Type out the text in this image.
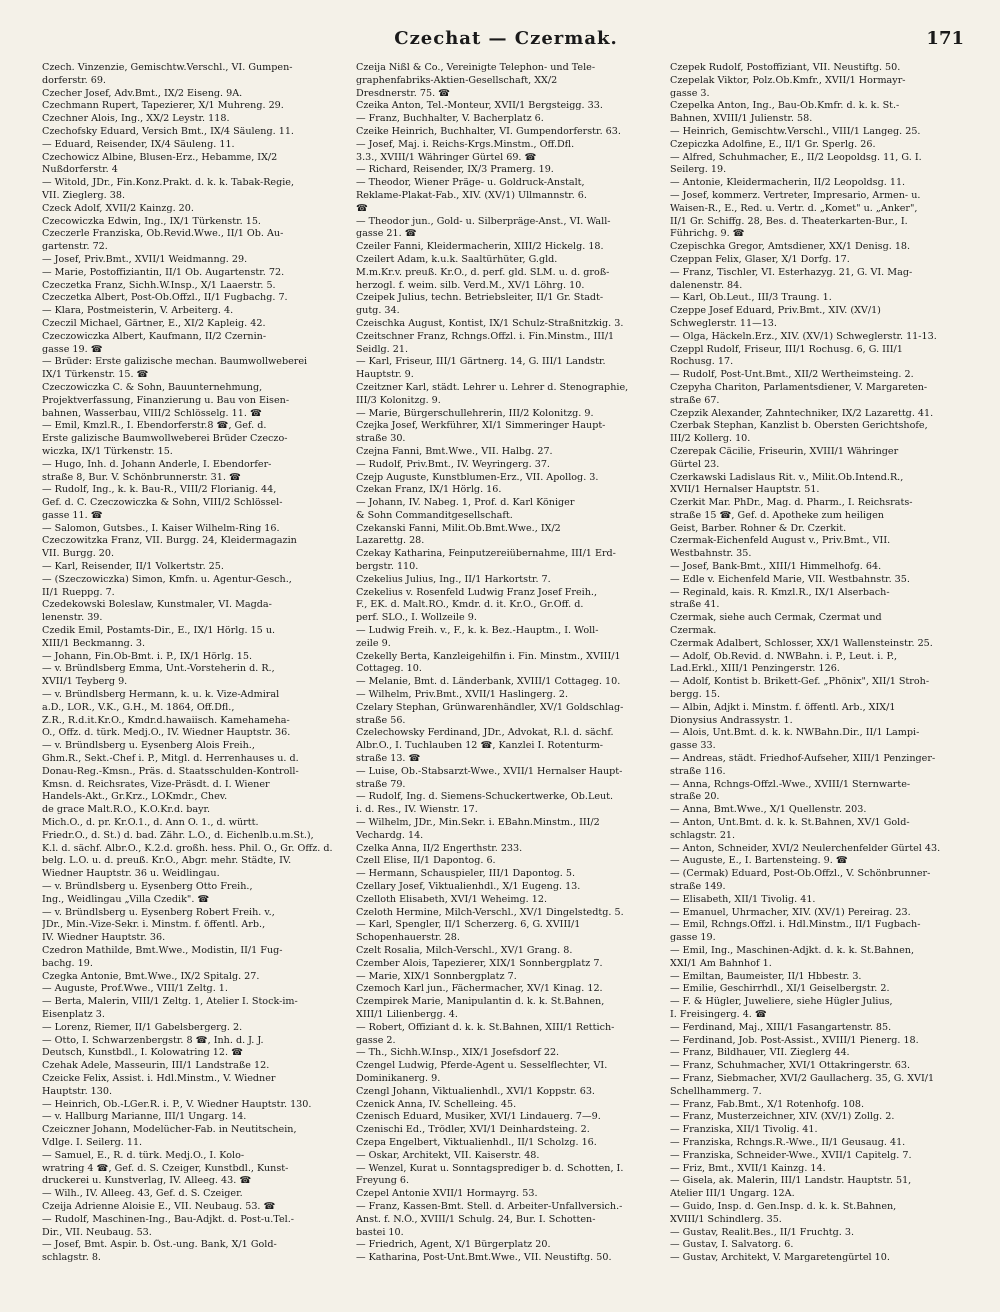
Czechat — Czermak.	171
Czech. Vinzenzie, Gemischtw.Verschl., VI. Gumpen-
dorferstr. 69.
Czecher Josef, Adv.Bmt., IX/2 Eiseng. 9A.
Czechmann Rupert, Tapezierer, X/1 Muhreng. 29.
Czechner Alois, Ing., XX/2 Leystr. 118.
Czechofsky Eduard, Versich Bmt., IX/4 Säuleng. 11.
— Eduard, Reisender, IX/4 Säuleng. 11.
Czechowicz Albine, Blusen-Erz., Hebamme, IX/2
Nußdorferstr. 4
— Witold, JDr., Fin.Konz.Prakt. d. k. k. Tabak-Regie,
VII. Zieglerg. 38.
Czeck Adolf, XVII/2 Kainzg. 20.
Czecowiczka Edwin, Ing., IX/1 Türkenstr. 15.
Czeczerle Franziska, Ob.Revid.Wwe., II/1 Ob. Au-
gartenstr. 72.
— Josef, Priv.Bmt., XVII/1 Weidmanng. 29.
— Marie, Postoffiziantin, II/1 Ob. Augartenstr. 72.
Czeczetka Franz, Sichh.W.Insp., X/1 Laaerstr. 5.
Czeczetka Albert, Post-Ob.Offzl., II/1 Fugbachg. 7.
— Klara, Postmeisterin, V. Arbeiterg. 4.
Czeczil Michael, Gärtner, E., XI/2 Kapleig. 42.
Czeczowiczka Albert, Kaufmann, II/2 Czernin-
gasse 19. ☎
— Brüder: Erste galizische mechan. Baumwollweberei
IX/1 Türkenstr. 15. ☎
Czeczowiczka C. & Sohn, Bauunternehmung,
Projektverfassung, Finanzierung u. Bau von Eisen-
bahnen, Wasserbau, VIII/2 Schlösselg. 11. ☎
— Emil, Kmzl.R., I. Ebendorferstr.8 ☎, Gef. d.
Erste galizische Baumwollweberei Brüder Czeczo-
wiczka, IX/1 Türkenstr. 15.
— Hugo, Inh. d. Johann Anderle, I. Ebendorfer-
straße 8, Bur. V. Schönbrunnerstr. 31. ☎
— Rudolf, Ing., k. k. Bau-R., VIII/2 Florianig. 44,
Gef. d. C. Czeczowiczka & Sohn, VIII/2 Schlössel-
gasse 11. ☎
— Salomon, Gutsbes., I. Kaiser Wilhelm-Ring 16.
Czeczowitzka Franz, VII. Burgg. 24, Kleidermagazin
VII. Burgg. 20.
— Karl, Reisender, II/1 Volkertstr. 25.
— (Szeczowiczka) Simon, Kmfn. u. Agentur-Gesch.,
II/1 Rueppg. 7.
Czedekowski Boleslaw, Kunstmaler, VI. Magda-
lenenstr. 39.
Czedik Emil, Postamts-Dir., E., IX/1 Hörlg. 15 u.
XIII/1 Beckmanng. 3.
— Johann, Fin.Ob-Bmt. i. P., IX/1 Hörlg. 15.
— v. Bründlsberg Emma, Unt.-Vorsteherin d. R.,
XVII/1 Teyberg 9.
— v. Bründlsberg Hermann, k. u. k. Vize-Admiral
a.D., LOR., V.K., G.H., M. 1864, Off.Dfl.,
Z.R., R.d.it.Kr.O., Kmdr.d.hawaiisch. Kamehameha-
O., Offz. d. türk. Medj.O., IV. Wiedner Hauptstr. 36.
— v. Bründlsberg u. Eysenberg Alois Freih.,
Ghm.R., Sekt.-Chef i. P., Mitgl. d. Herrenhauses u. d.
Donau-Reg.-Kmsn., Präs. d. Staatsschulden-Kontroll-
Kmsn. d. Reichsrates, Vize-Präsdt. d. I. Wiener
Handels-Akt., Gr.Krz., LOKmdr., Chev.
de grace Malt.R.O., K.O.Kr.d. bayr.
Mich.O., d. pr. Kr.O.1., d. Ann O. 1., d. württ.
Friedr.O., d. St.) d. bad. Zähr. L.O., d. Eichenlb.u.m.St.),
K.l. d. sächf. Albr.O., K.2.d. großh. hess. Phil. O., Gr. Offz. d.
belg. L.O. u. d. preuß. Kr.O., Abgr. mehr. Städte, IV.
Wiedner Hauptstr. 36 u. Weidlingau.
— v. Bründlsberg u. Eysenberg Otto Freih.,
Ing., Weidlingau „Villa Czedik". ☎
— v. Bründlsberg u. Eysenberg Robert Freih. v.,
JDr., Min.-Vize-Sekr. i. Minstm. f. öffentl. Arb.,
IV. Wiedner Hauptstr. 36.
Czedron Mathilde, Bmt.Wwe., Modistin, II/1 Fug-
bachg. 19.
Czegka Antonie, Bmt.Wwe., IX/2 Spitalg. 27.
— Auguste, Prof.Wwe., VIII/1 Zeltg. 1.
— Berta, Malerin, VIII/1 Zeltg. 1, Atelier I. Stock-im-
Eisenplatz 3.
— Lorenz, Riemer, II/1 Gabelsbergerg. 2.
— Otto, I. Schwarzenbergstr. 8 ☎, Inh. d. J. J.
Deutsch, Kunstbdl., I. Kolowatring 12. ☎
Czehak Adele, Masseurin, III/1 Landstraße 12.
Czeicke Felix, Assist. i. Hdl.Minstm., V. Wiedner
Hauptstr. 130.
— Heinrich, Ob.-LGer.R. i. P., V. Wiedner Hauptstr. 130.
— v. Hallburg Marianne, III/1 Ungarg. 14.
Czeiczner Johann, Modelücher-Fab. in Neutitschein,
Vdlge. I. Seilerg. 11.
— Samuel, E., R. d. türk. Medj.O., I. Kolo-
wratring 4 ☎, Gef. d. S. Czeiger, Kunstbdl., Kunst-
druckerei u. Kunstverlag, IV. Alleeg. 43. ☎
— Wilh., IV. Alleeg. 43, Gef. d. S. Czeiger.
Czeija Adrienne Aloisie E., VII. Neubaug. 53. ☎
— Rudolf, Maschinen-Ing., Bau-Adjkt. d. Post-u.Tel.-
Dir., VII. Neubaug. 53.
— Josef, Bmt. Aspir. b. Öst.-ung. Bank, X/1 Gold-
schlagstr. 8.
Czeija Nißl & Co., Vereinigte Telephon- und Tele-
graphenfabriks-Aktien-Gesellschaft, XX/2
Dresdnerstr. 75. ☎
Czeika Anton, Tel.-Monteur, XVII/1 Bergsteigg. 33.
— Franz, Buchhalter, V. Bacherplatz 6.
Czeike Heinrich, Buchhalter, VI. Gumpendorferstr. 63.
— Josef, Maj. i. Reichs-Krgs.Minstm., Off.Dfl.
3.3., XVIII/1 Währinger Gürtel 69. ☎
— Richard, Reisender, IX/3 Pramerg. 19.
— Theodor, Wiener Präge- u. Goldruck-Anstalt,
Reklame-Plakat-Fab., XIV. (XV/1) Ullmannstr. 6.
☎
— Theodor jun., Gold- u. Silberpräge-Anst., VI. Wall-
gasse 21. ☎
Czeiler Fanni, Kleidermacherin, XIII/2 Hickelg. 18.
Czeilert Adam, k.u.k. Saaltürhüter, G.gld.
M.m.Kr.v. preuß. Kr.O., d. perf. gld. SLM. u. d. groß-
herzogl. f. weim. silb. Verd.M., XV/1 Löhrg. 10.
Czeipek Julius, techn. Betriebsleiter, II/1 Gr. Stadt-
gutg. 34.
Czeischka August, Kontist, IX/1 Schulz-Straßnitzkig. 3.
Czeitschner Franz, Rchngs.Offzl. i. Fin.Minstm., III/1
Seidlg. 21.
— Karl, Friseur, III/1 Gärtnerg. 14, G. III/1 Landstr.
Hauptstr. 9.
Czeitzner Karl, städt. Lehrer u. Lehrer d. Stenographie,
III/3 Kolonitzg. 9.
— Marie, Bürgerschullehrerin, III/2 Kolonitzg. 9.
Czejka Josef, Werkführer, XI/1 Simmeringer Haupt-
straße 30.
Czejna Fanni, Bmt.Wwe., VII. Halbg. 27.
— Rudolf, Priv.Bmt., IV. Weyringerg. 37.
Czejp Auguste, Kunstblumen-Erz., VII. Apollog. 3.
Czekan Franz, IX/1 Hörlg. 16.
— Johann, IV. Nabeg. 1, Prof. d. Karl Königer
& Sohn Commanditgesellschaft.
Czekanski Fanni, Milit.Ob.Bmt.Wwe., IX/2
Lazarettg. 28.
Czekay Katharina, Feinputzereiübernahme, III/1 Erd-
bergstr. 110.
Czekelius Julius, Ing., II/1 Harkortstr. 7.
Czekelius v. Rosenfeld Ludwig Franz Josef Freih.,
F., EK. d. Malt.RO., Kmdr. d. it. Kr.O., Gr.Off. d.
perf. SLO., I. Wollzeile 9.
— Ludwig Freih. v., F., k. k. Bez.-Hauptm., I. Woll-
zeile 9.
Czekelly Berta, Kanzleigehilfin i. Fin. Minstm., XVIII/1
Cottageg. 10.
— Melanie, Bmt. d. Länderbank, XVIII/1 Cottageg. 10.
— Wilhelm, Priv.Bmt., XVII/1 Haslingerg. 2.
Czelary Stephan, Grünwarenhändler, XV/1 Goldschlag-
straße 56.
Czelechowsky Ferdinand, JDr., Advokat, R.l. d. sächf.
Albr.O., I. Tuchlauben 12 ☎, Kanzlei I. Rotenturm-
straße 13. ☎
— Luise, Ob.-Stabsarzt-Wwe., XVII/1 Hernalser Haupt-
straße 79.
— Rudolf, Ing. d. Siemens-Schuckertwerke, Ob.Leut.
i. d. Res., IV. Wienstr. 17.
— Wilhelm, JDr., Min.Sekr. i. EBahn.Minstm., III/2
Vechardg. 14.
Czelka Anna, II/2 Engerthstr. 233.
Czell Elise, II/1 Dapontog. 6.
— Hermann, Schauspieler, III/1 Dapontog. 5.
Czellary Josef, Viktualienhdl., X/1 Eugeng. 13.
Czelloth Elisabeth, XVI/1 Weheimg. 12.
Czeloth Hermine, Milch-Verschl., XV/1 Dingelstedtg. 5.
— Karl, Spengler, II/1 Scherzerg. 6, G. XVIII/1
Schopenhauerstr. 28.
Czelt Rosalia, Milch-Verschl., XV/1 Grang. 8.
Czember Alois, Tapezierer, XIX/1 Sonnbergplatz 7.
— Marie, XIX/1 Sonnbergplatz 7.
Czemoch Karl jun., Fächermacher, XV/1 Kinag. 12.
Czempirek Marie, Manipulantin d. k. k. St.Bahnen,
XIII/1 Lilienbergg. 4.
— Robert, Offiziant d. k. k. St.Bahnen, XIII/1 Rettich-
gasse 2.
— Th., Sichh.W.Insp., XIX/1 Josefsdorf 22.
Czengel Ludwig, Pferde-Agent u. Sesselflechter, VI.
Dominikanerg. 9.
Czengl Johann, Viktualienhdl., XVI/1 Koppstr. 63.
Czenick Anna, IV. Schelleing. 45.
Czenisch Eduard, Musiker, XVI/1 Lindauerg. 7—9.
Czenischi Ed., Trödler, XVI/1 Deinhardsteing. 2.
Czepa Engelbert, Viktualienhdl., II/1 Scholzg. 16.
— Oskar, Architekt, VII. Kaiserstr. 48.
— Wenzel, Kurat u. Sonntagsprediger b. d. Schotten, I.
Freyung 6.
Czepel Antonie XVII/1 Hormayrg. 53.
— Franz, Kassen-Bmt. Stell. d. Arbeiter-Unfallversich.-
Anst. f. N.Ö., XVIII/1 Schulg. 24, Bur. I. Schotten-
bastei 10.
— Friedrich, Agent, X/1 Bürgerplatz 20.
— Katharina, Post-Unt.Bmt.Wwe., VII. Neustiftg. 50.
Czepek Rudolf, Postoffiziant, VII. Neustiftg. 50.
Czepelak Viktor, Polz.Ob.Kmfr., XVII/1 Hormayr-
gasse 3.
Czepelka Anton, Ing., Bau-Ob.Kmfr. d. k. k. St.-
Bahnen, XVIII/1 Julienstr. 58.
— Heinrich, Gemischtw.Verschl., VIII/1 Langeg. 25.
Czepiczka Adolfine, E., II/1 Gr. Sperlg. 26.
— Alfred, Schuhmacher, E., II/2 Leopoldsg. 11, G. I.
Seilerg. 19.
— Antonie, Kleidermacherin, II/2 Leopoldsg. 11.
— Josef, kommerz. Vertreter, Impresario, Armen- u.
Waisen-R., E., Red. u. Vertr. d. „Komet" u. „Anker",
II/1 Gr. Schiffg. 28, Bes. d. Theaterkarten-Bur., I.
Führichg. 9. ☎
Czepischka Gregor, Amtsdiener, XX/1 Denisg. 18.
Czeppan Felix, Glaser, X/1 Dorfg. 17.
— Franz, Tischler, VI. Esterhazyg. 21, G. VI. Mag-
dalenenstr. 84.
— Karl, Ob.Leut., III/3 Traung. 1.
Czeppe Josef Eduard, Priv.Bmt., XIV. (XV/1)
Schweglerstr. 11—13.
— Olga, Häckeln.Erz., XIV. (XV/1) Schweglerstr. 11-13.
Czeppl Rudolf, Friseur, III/1 Rochusg. 6, G. III/1
Rochusg. 17.
— Rudolf, Post-Unt.Bmt., XII/2 Wertheimsteing. 2.
Czepyha Chariton, Parlamentsdiener, V. Margareten-
straße 67.
Czepzik Alexander, Zahntechniker, IX/2 Lazarettg. 41.
Czerbak Stephan, Kanzlist b. Obersten Gerichtshofe,
III/2 Kollerg. 10.
Czerepak Cäcilie, Friseurin, XVIII/1 Währinger
Gürtel 23.
Czerkawski Ladislaus Rit. v., Milit.Ob.Intend.R.,
XVII/1 Hernalser Hauptstr. 51.
Czerkit Mar. PhDr., Mag. d. Pharm., I. Reichsrats-
straße 15 ☎, Gef. d. Apotheke zum heiligen
Geist, Barber. Rohner & Dr. Czerkit.
Czermak-Eichenfeld August v., Priv.Bmt., VII.
Westbahnstr. 35.
— Josef, Bank-Bmt., XIII/1 Himmelhofg. 64.
— Edle v. Eichenfeld Marie, VII. Westbahnstr. 35.
— Reginald, kais. R. Kmzl.R., IX/1 Alserbach-
straße 41.
Czermak, siehe auch Cermak, Czermat und
Czermak.
Czermak Adalbert, Schlosser, XX/1 Wallensteinstr. 25.
— Adolf, Ob.Revid. d. NWBahn. i. P., Leut. i. P.,
Lad.Erkl., XIII/1 Penzingerstr. 126.
— Adolf, Kontist b. Brikett-Gef. „Phönix", XII/1 Stroh-
bergg. 15.
— Albin, Adjkt i. Minstm. f. öffentl. Arb., XIX/1
Dionysius Andrassystr. 1.
— Alois, Unt.Bmt. d. k. k. NWBahn.Dir., II/1 Lampi-
gasse 33.
— Andreas, städt. Friedhof-Aufseher, XIII/1 Penzinger-
straße 116.
— Anna, Rchngs-Offzl.-Wwe., XVIII/1 Sternwarte-
straße 20.
— Anna, Bmt.Wwe., X/1 Quellenstr. 203.
— Anton, Unt.Bmt. d. k. k. St.Bahnen, XV/1 Gold-
schlagstr. 21.
— Anton, Schneider, XVI/2 Neulerchenfelder Gürtel 43.
— Auguste, E., I. Bartensteing. 9. ☎
— (Cermak) Eduard, Post-Ob.Offzl., V. Schönbrunner-
straße 149.
— Elisabeth, XII/1 Tivolig. 41.
— Emanuel, Uhrmacher, XIV. (XV/1) Pereirag. 23.
— Emil, Rchngs.Offzl. i. Hdl.Minstm., II/1 Fugbach-
gasse 19.
— Emil, Ing., Maschinen-Adjkt. d. k. k. St.Bahnen,
XXI/1 Am Bahnhof 1.
— Emiltan, Baumeister, II/1 Hbbestr. 3.
— Emilie, Geschirrhdl., XI/1 Geiselbergstr. 2.
— F. & Hügler, Juweliere, siehe Hügler Julius,
I. Freisingerg. 4. ☎
— Ferdinand, Maj., XIII/1 Fasangartenstr. 85.
— Ferdinand, Job. Post-Assist., XVIII/1 Pienerg. 18.
— Franz, Bildhauer, VII. Zieglerg 44.
— Franz, Schuhmacher, XVI/1 Ottakringerstr. 63.
— Franz, Siebmacher, XVI/2 Gaullacherg. 35, G. XVI/1
Schellhammerg. 7.
— Franz, Fab.Bmt., X/1 Rotenhofg. 108.
— Franz, Musterzeichner, XIV. (XV/1) Zollg. 2.
— Franziska, XII/1 Tivolig. 41.
— Franziska, Rchngs.R.-Wwe., II/1 Geusaug. 41.
— Franziska, Schneider-Wwe., XVII/1 Capitelg. 7.
— Friz, Bmt., XVII/1 Kainzg. 14.
— Gisela, ak. Malerin, III/1 Landstr. Hauptstr. 51,
Atelier III/1 Ungarg. 12A.
— Guido, Insp. d. Gen.Insp. d. k. k. St.Bahnen,
XVIII/1 Schindlerg. 35.
— Gustav, Realit.Bes., II/1 Fruchtg. 3.
— Gustav, I. Salvatorg. 6.
— Gustav, Architekt, V. Margaretengürtel 10.
